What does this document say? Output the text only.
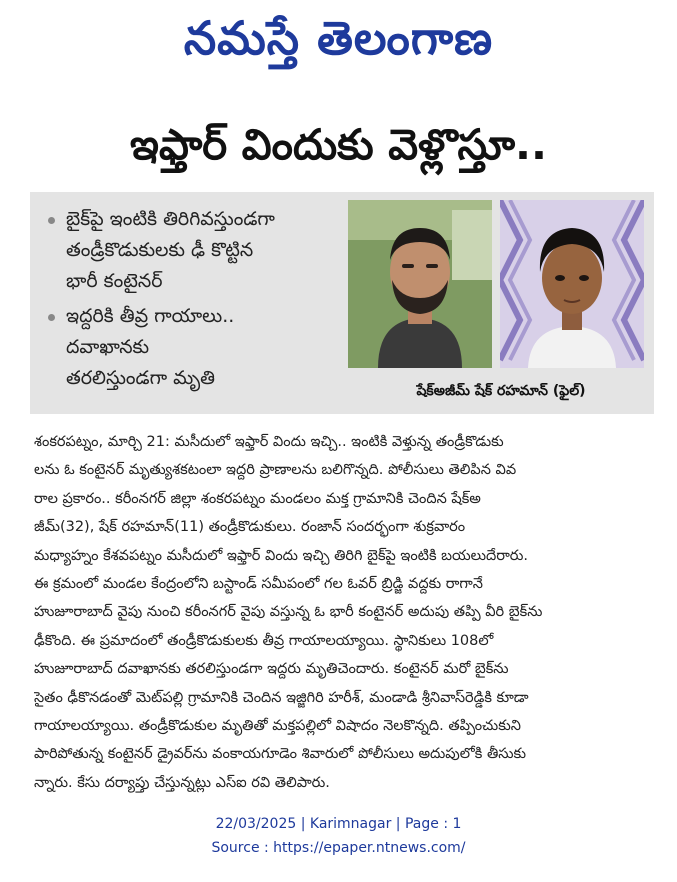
నమస్తే తెలంగాణ
ఇఫ్తార్ విందుకు వెళ్లొస్తూ..
బైక్‌పై ఇంటికి తిరిగివస్తుండగా
తండ్రీకొడుకులకు ఢీ కొట్టిన
భారీ కంటైనర్
ఇద్దరికి తీవ్ర గాయాలు..
దవాఖానకు
తరలిస్తుండగా మృతి
షేక్‌అజీమ్ షేక్ రహమాన్ (ఫైల్)
శంకరపట్నం, మార్చి 21: మసీదులో ఇఫ్తార్ విందు ఇచ్చి.. ఇంటికి వెళ్తున్న తండ్రీకొడుకు
లను ఓ కంటైనర్ మృత్యుశకటంలా ఇద్దరి ప్రాణాలను బలిగొన్నది. పోలీసులు తెలిపిన వివ
రాల ప్రకారం.. కరీంనగర్ జిల్లా శంకరపట్నం మండలం మక్త గ్రామానికి చెందిన షేక్‌అ
జీమ్(32), షేక్ రహమాన్(11) తండ్రీకొడుకులు. రంజాన్ సందర్భంగా శుక్రవారం
మధ్యాహ్నం కేశవపట్నం మసీదులో ఇఫ్తార్ విందు ఇచ్చి తిరిగి బైక్‌పై ఇంటికి బయలుదేరారు.
ఈ క్రమంలో మండల కేంద్రంలోని బస్టాండ్ సమీపంలో గల ఓవర్ బ్రిడ్జి వద్దకు రాగానే
హుజూరాబాద్ వైపు నుంచి కరీంనగర్ వైపు వస్తున్న ఓ భారీ కంటైనర్ అదుపు తప్పి వీరి బైక్‌ను
ఢీకొంది. ఈ ప్రమాదంలో తండ్రీకొడుకులకు తీవ్ర గాయాలయ్యాయి. స్థానికులు 108లో
హుజూరాబాద్ దవాఖానకు తరలిస్తుండగా ఇద్దరు మృతిచెందారు. కంటైనర్ మరో బైక్‌ను
సైతం ఢీకొనడంతో మెట్‌పల్లి గ్రామానికి చెందిన ఇజ్జిగిరి హరీశ్, మండాడి శ్రీనివాస్‌రెడ్డికి కూడా
గాయాలయ్యాయి. తండ్రీకొడుకుల మృతితో మక్తపల్లిలో విషాదం నెలకొన్నది. తప్పించుకుని
పారిపోతున్న కంటైనర్ డ్రైవర్‌ను వంకాయగూడెం శివారులో పోలీసులు అదుపులోకి తీసుకు
న్నారు. కేసు దర్యాప్తు చేస్తున్నట్లు ఎస్ఐ రవి తెలిపారు.
22/03/2025 | Karimnagar | Page : 1
Source : https://epaper.ntnews.com/
